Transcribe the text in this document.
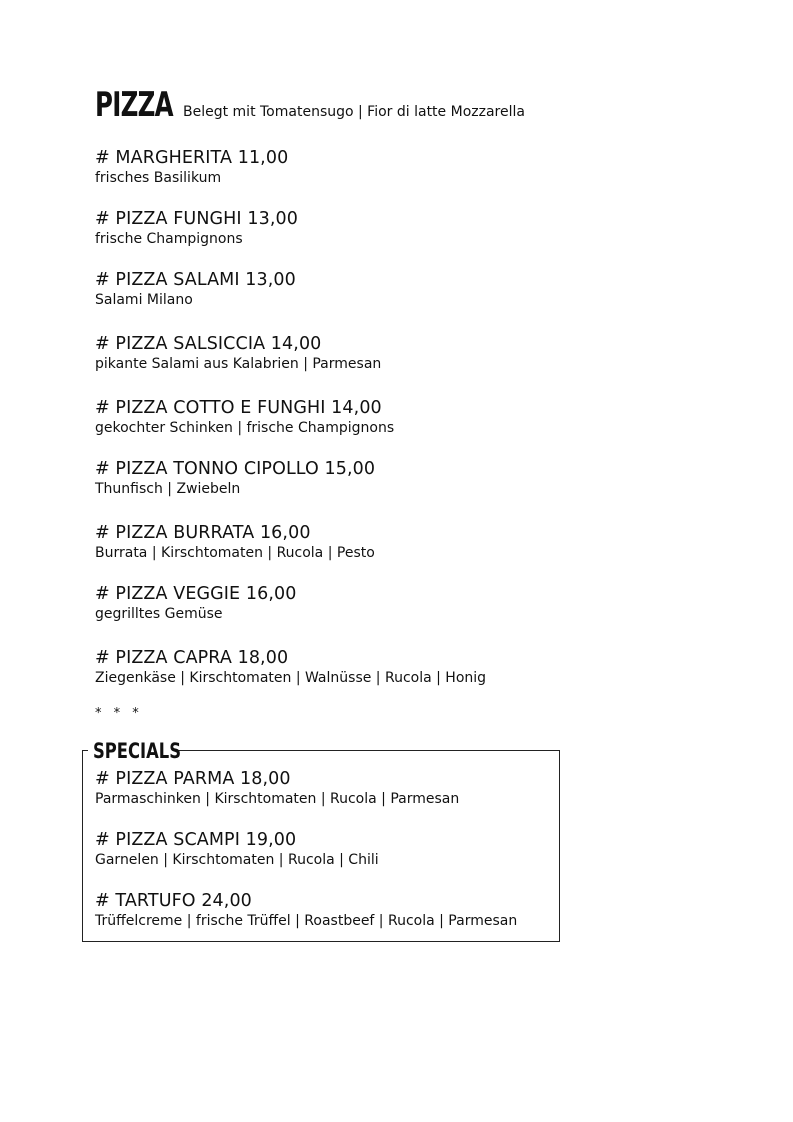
PIZZA Belegt mit Tomatensugo | Fior di latte Mozzarella
# MARGHERITA 11,00
frisches Basilikum
# PIZZA FUNGHI 13,00
frische Champignons
# PIZZA SALAMI 13,00
Salami Milano
# PIZZA SALSICCIA 14,00
pikante Salami aus Kalabrien | Parmesan
# PIZZA COTTO E FUNGHI 14,00
gekochter Schinken | frische Champignons
# PIZZA TONNO CIPOLLO 15,00
Thunfisch | Zwiebeln
# PIZZA BURRATA 16,00
Burrata | Kirschtomaten | Rucola | Pesto
# PIZZA VEGGIE 16,00
gegrilltes Gemüse
# PIZZA CAPRA 18,00
Ziegenkäse | Kirschtomaten | Walnüsse | Rucola | Honig
* * *
SPECIALS
# PIZZA PARMA 18,00
Parmaschinken | Kirschtomaten | Rucola | Parmesan
# PIZZA SCAMPI 19,00
Garnelen | Kirschtomaten | Rucola | Chili
# TARTUFO 24,00
Trüffelcreme | frische Trüffel | Roastbeef | Rucola | Parmesan
